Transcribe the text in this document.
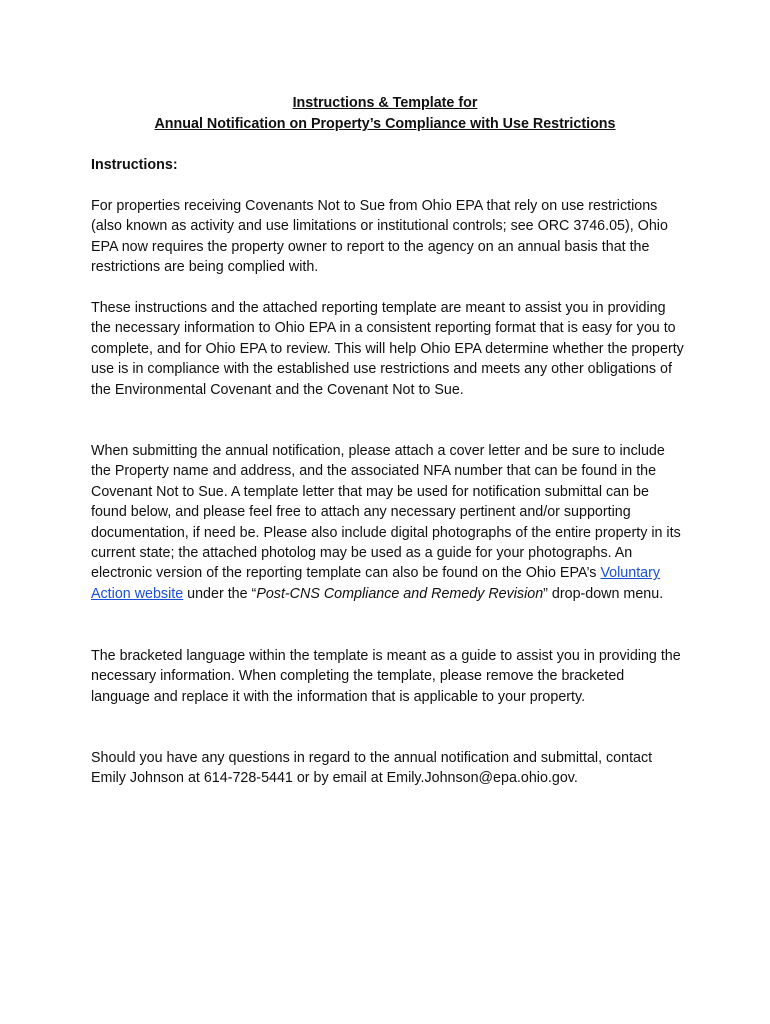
Instructions & Template for
Annual Notification on Property’s Compliance with Use Restrictions

Instructions:

For properties receiving Covenants Not to Sue from Ohio EPA that rely on use restrictions (also known as activity and use limitations or institutional controls; see ORC 3746.05), Ohio EPA now requires the property owner to report to the agency on an annual basis that the restrictions are being complied with.

These instructions and the attached reporting template are meant to assist you in providing the necessary information to Ohio EPA in a consistent reporting format that is easy for you to complete, and for Ohio EPA to review. This will help Ohio EPA determine whether the property use is in compliance with the established use restrictions and meets any other obligations of the Environmental Covenant and the Covenant Not to Sue.

When submitting the annual notification, please attach a cover letter and be sure to include the Property name and address, and the associated NFA number that can be found in the Covenant Not to Sue. A template letter that may be used for notification submittal can be found below, and please feel free to attach any necessary pertinent and/or supporting documentation, if need be. Please also include digital photographs of the entire property in its current state; the attached photolog may be used as a guide for your photographs. An electronic version of the reporting template can also be found on the Ohio EPA’s Voluntary Action website under the “Post-CNS Compliance and Remedy Revision” drop-down menu.

The bracketed language within the template is meant as a guide to assist you in providing the necessary information. When completing the template, please remove the bracketed language and replace it with the information that is applicable to your property.

Should you have any questions in regard to the annual notification and submittal, contact Emily Johnson at 614-728-5441 or by email at Emily.Johnson@epa.ohio.gov.
